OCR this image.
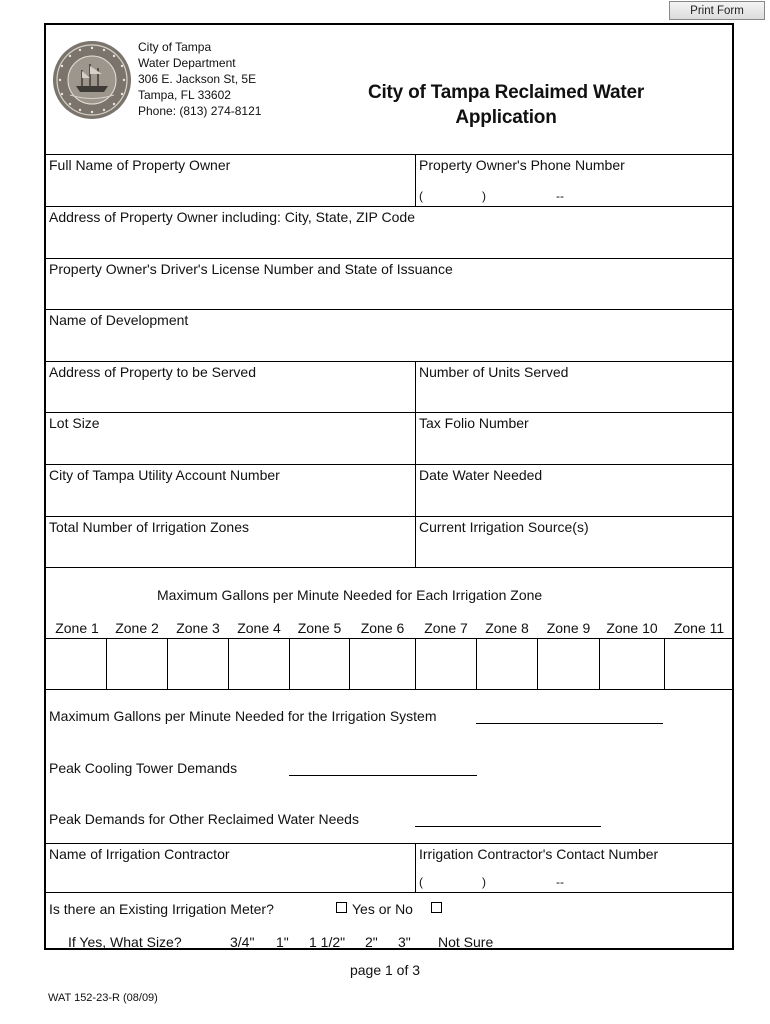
Print Form
City of Tampa
Water Department
306 E. Jackson St, 5E
Tampa, FL 33602
Phone: (813) 274-8121
City of Tampa Reclaimed Water
Application
Full Name of Property Owner	Property Owner's Phone Number
(	)	--
Address of Property Owner including: City, State, ZIP Code
Property Owner's Driver's License Number and State of Issuance
Name of Development
Address of Property to be Served	Number of Units Served
Lot Size	Tax Folio Number
City of Tampa Utility Account Number	Date Water Needed
Total Number of Irrigation Zones	Current Irrigation Source(s)
Maximum Gallons per Minute Needed for Each Irrigation Zone
Zone 1	Zone 2	Zone 3	Zone 4	Zone 5	Zone 6	Zone 7	Zone 8	Zone 9	Zone 10	Zone 11
Maximum Gallons per Minute Needed for the Irrigation System
Peak Cooling Tower Demands
Peak Demands for Other Reclaimed Water Needs
Name of Irrigation Contractor	Irrigation Contractor's Contact Number
(	)	--
Is there an Existing Irrigation Meter?	Yes or No
If Yes, What Size?	3/4" 1" 1 1/2" 2" 3" Not Sure
page 1 of 3
WAT 152-23-R (08/09)
